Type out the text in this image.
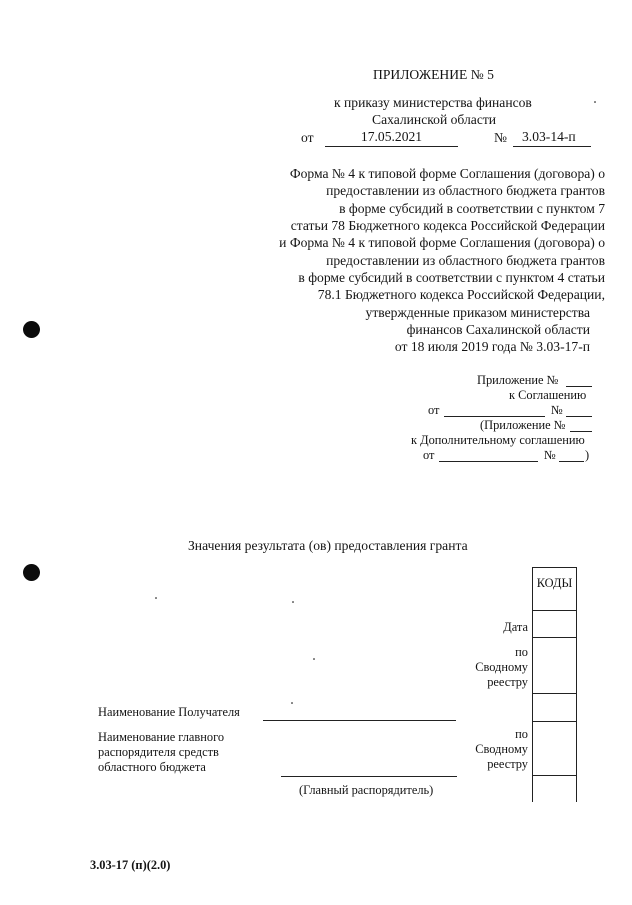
ПРИЛОЖЕНИЕ № 5
к приказу министерства финансов
Сахалинской области
от	17.05.2021	№ 3.03-14-п
Форма № 4 к типовой форме Соглашения (договора) о
предоставлении из областного бюджета грантов
в форме субсидий в соответствии с пунктом 7
статьи 78 Бюджетного кодекса Российской Федерации
и Форма № 4 к типовой форме Соглашения (договора) о
предоставлении из областного бюджета грантов
в форме субсидий в соответствии с пунктом 4 статьи
78.1 Бюджетного кодекса Российской Федерации,
утвержденные приказом министерства
финансов Сахалинской области
от 18 июля 2019 года № 3.03-17-п
Приложение №
к Соглашению
от	№
(Приложение №
к Дополнительному соглашению
от	№ )
Значения результата (ов) предоставления гранта
КОДЫ
Дата
по
Сводному
реестру
по
Сводному
реестру
Наименование Получателя
Наименование главного
распорядителя средств
областного бюджета
(Главный распорядитель)
3.03-17 (п)(2.0)
